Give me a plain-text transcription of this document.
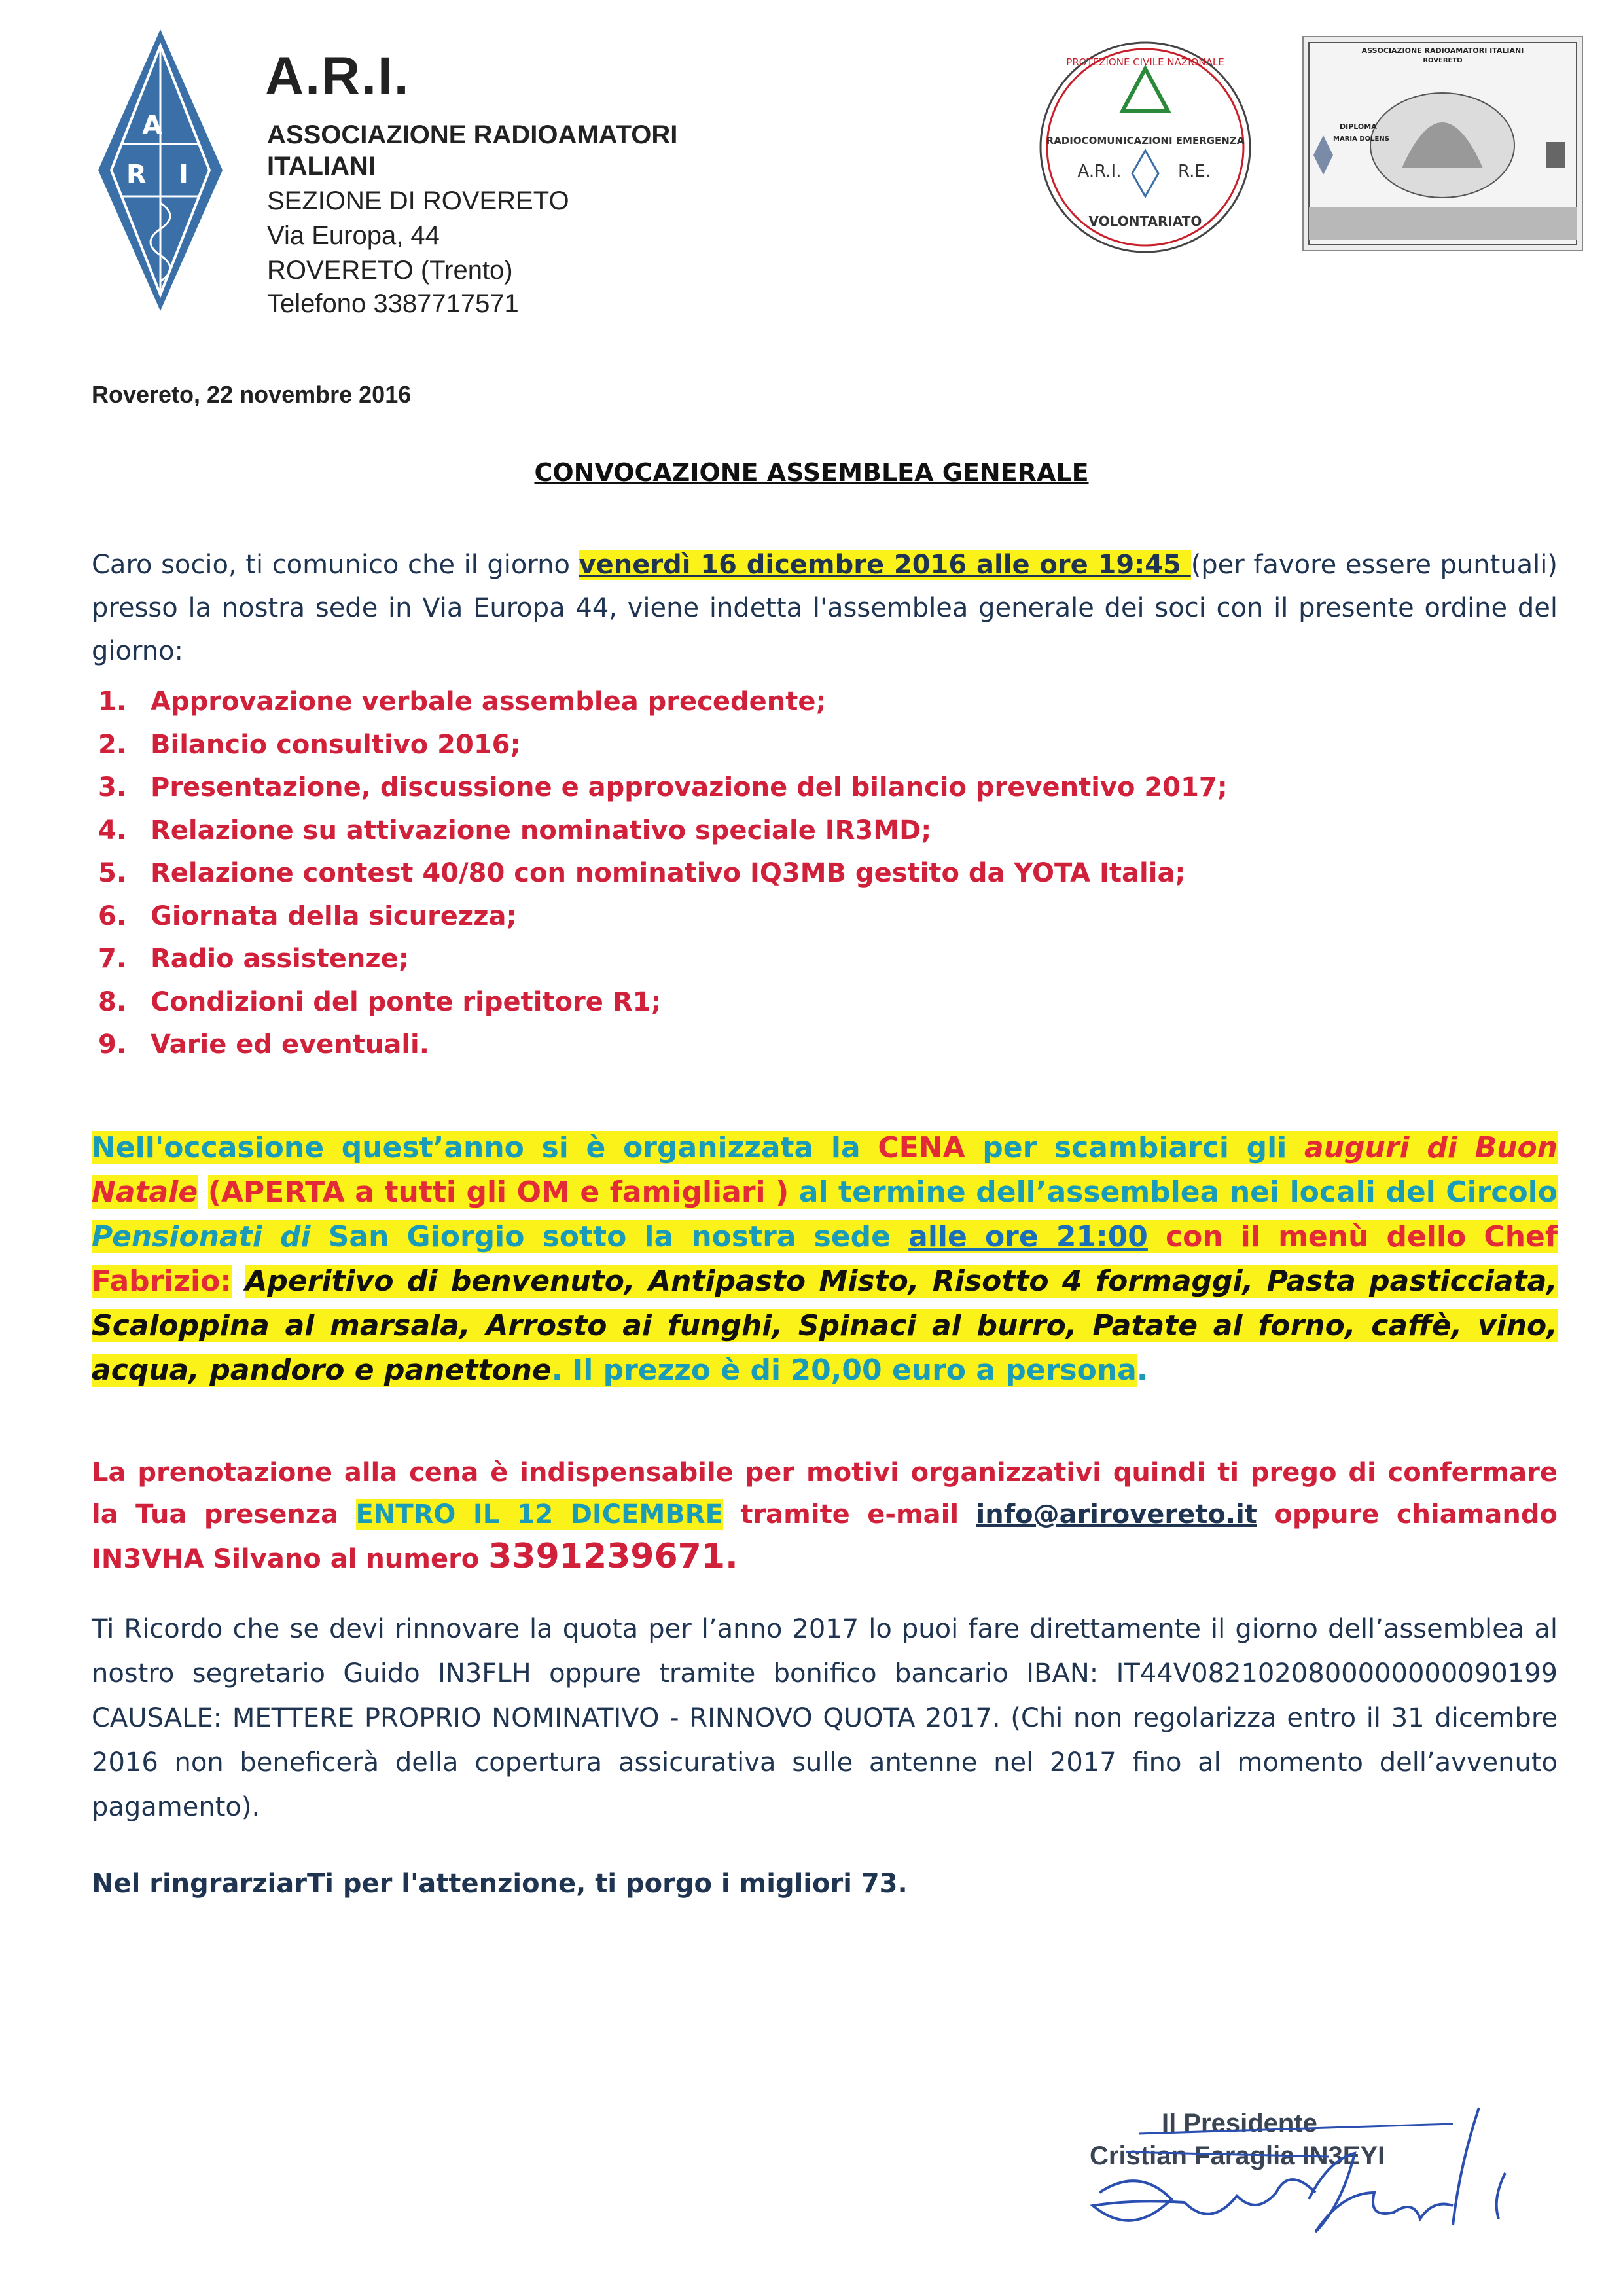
A
R I
A.R.I.
ASSOCIAZIONE RADIOAMATORI
ITALIANI
SEZIONE DI ROVERETO
Via Europa, 44
ROVERETO (Trento)
Telefono 3387717571
PROTEZIONE CIVILE NAZIONALE
RADIOCOMUNICAZIONI EMERGENZA
A.R.I.	R.E.
VOLONTARIATO
ASSOCIAZIONE RADIOAMATORI ITALIANI
ROVERETO
DIPLOMA
MARIA DOLENS
Rovereto, 22 novembre 2016
CONVOCAZIONE ASSEMBLEA GENERALE
Caro socio, ti comunico che il giorno venerdì 16 dicembre 2016 alle ore 19:45 (per favore essere puntuali) presso la nostra sede in Via Europa 44, viene indetta l'assemblea generale dei soci con il presente ordine del giorno:
1. Approvazione verbale assemblea precedente;
2. Bilancio consultivo 2016;
3. Presentazione, discussione e approvazione del bilancio preventivo 2017;
4. Relazione su attivazione nominativo speciale IR3MD;
5. Relazione contest 40/80 con nominativo IQ3MB gestito da YOTA Italia;
6. Giornata della sicurezza;
7. Radio assistenze;
8. Condizioni del ponte ripetitore R1;
9. Varie ed eventuali.
Nell'occasione quest’anno si è organizzata la CENA per scambiarci gli auguri di Buon Natale (APERTA a tutti gli OM e famigliari ) al termine dell’assemblea nei locali del Circolo Pensionati di San Giorgio sotto la nostra sede alle ore 21:00 con il menù dello Chef Fabrizio: Aperitivo di benvenuto, Antipasto Misto, Risotto 4 formaggi, Pasta pasticciata, Scaloppina al marsala, Arrosto ai funghi, Spinaci al burro, Patate al forno, caffè, vino, acqua, pandoro e panettone. Il prezzo è di 20,00 euro a persona.
La prenotazione alla cena è indispensabile per motivi organizzativi quindi ti prego di confermare la Tua presenza ENTRO IL 12 DICEMBRE tramite e-mail info@arirovereto.it oppure chiamando IN3VHA Silvano al numero 3391239671.
Ti Ricordo che se devi rinnovare la quota per l’anno 2017 lo puoi fare direttamente il giorno dell’assemblea al nostro segretario Guido IN3FLH oppure tramite bonifico bancario IBAN: IT44V0821020800000000090199 CAUSALE: METTERE PROPRIO NOMINATIVO - RINNOVO QUOTA 2017. (Chi non regolarizza entro il 31 dicembre 2016 non beneficerà della copertura assicurativa sulle antenne nel 2017 fino al momento dell’avvenuto pagamento).
Nel ringrarziarTi per l'attenzione, ti porgo i migliori 73.
Il Presidente
Cristian Faraglia IN3EYI
